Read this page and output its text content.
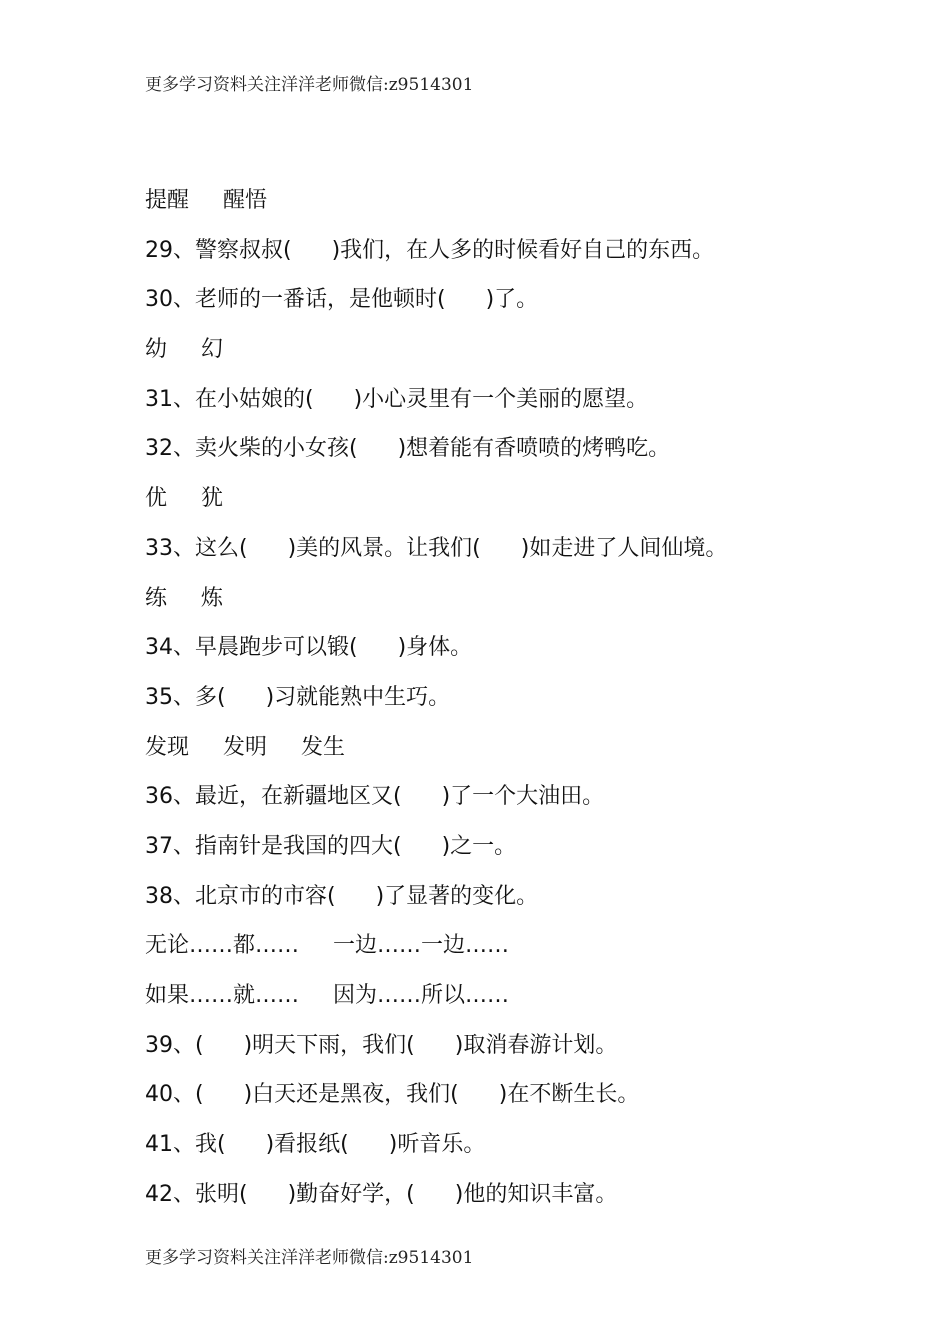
更多学习资料关注洋洋老师微信:z9514301
提醒 醒悟
29、警察叔叔( )我们，在人多的时候看好自己的东西。
30、老师的一番话，是他顿时( )了。
幼 幻
31、在小姑娘的( )小心灵里有一个美丽的愿望。
32、卖火柴的小女孩( )想着能有香喷喷的烤鸭吃。
优 犹
33、这么( )美的风景。让我们( )如走进了人间仙境。
练 炼
34、早晨跑步可以锻( )身体。
35、多( )习就能熟中生巧。
发现 发明 发生
36、最近，在新疆地区又( )了一个大油田。
37、指南针是我国的四大( )之一。
38、北京市的市容( )了显著的变化。
无论……都…… 一边……一边……
如果……就…… 因为……所以……
39、( )明天下雨，我们( )取消春游计划。
40、( )白天还是黑夜，我们( )在不断生长。
41、我( )看报纸( )听音乐。
42、张明( )勤奋好学，( )他的知识丰富。
更多学习资料关注洋洋老师微信:z9514301
